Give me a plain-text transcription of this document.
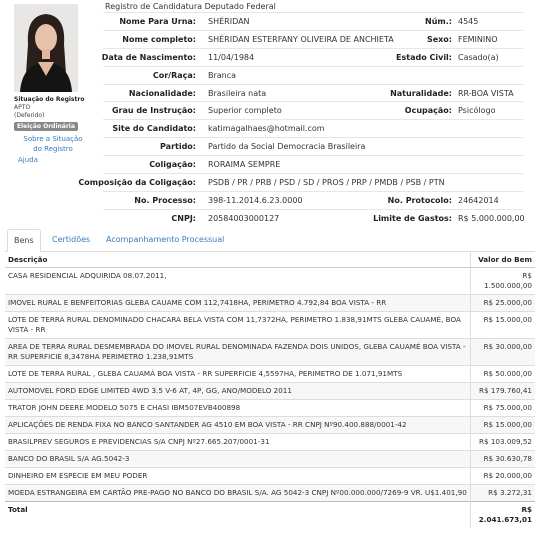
Situação do Registro
APTO
(Deferido)
Eleição Ordinária
Sobre a Situação do Registro
Ajuda
Registro de Candidatura Deputado Federal
Nome Para Urna: SHÉRIDAN	Núm.: 4545
Nome completo: SHÉRIDAN ESTERFANY OLIVEIRA DE ANCHIETA	Sexo: FEMININO
Data de Nascimento: 11/04/1984	Estado Civil: Casado(a)
Cor/Raça: Branca
Nacionalidade: Brasileira nata	Naturalidade: RR-BOA VISTA
Grau de Instrução: Superior completo	Ocupação: Psicólogo
Site do Candidato: katimagalhaes@hotmail.com
Partido: Partido da Social Democracia Brasileira
Coligação: RORAIMA SEMPRE
Composição da Coligação: PSDB / PR / PRB / PSD / SD / PROS / PRP / PMDB / PSB / PTN
No. Processo: 398-11.2014.6.23.0000	No. Protocolo: 24642014
CNPJ: 20584003000127	Limite de Gastos: R$ 5.000.000,00
Bens	Certidões	Acompanhamento Processual
Descrição	Valor do Bem
CASA RESIDENCIAL ADQUIRIDA 08.07.2011,	R$ 1.500.000,00
IMOVEL RURAL E BENFEITORIAS GLEBA CAUAME COM 112,7418HA, PERIMETRO 4.792,84 BOA VISTA - RR	R$ 25.000,00
LOTE DE TERRA RURAL DENOMINADO CHACARA BELA VISTA COM 11,7372HA, PERIMETRO 1.838,91MTS GLEBA CAUAMÉ, BOA VISTA - RR	R$ 15.000,00
AREA DE TERRA RURAL DESMEMBRADA DO IMOVEL RURAL DENOMINADA FAZENDA DOIS UNIDOS, GLEBA CAUAMÉ BOA VISTA - RR SUPERFICIE 8,3478HA PERIMETRO 1.238,91MTS	R$ 30.000,00
LOTE DE TERRA RURAL , GLEBA CAUAMÁ BOA VISTA - RR SUPERFICIE 4,5597HA, PERIMETRO DE 1.071,91MTS	R$ 50.000,00
AUTOMOVEL FORD EDGE LIMITED 4WD 3.5 V-6 AT, 4P, GG, ANO/MODELO 2011	R$ 179.760,41
TRATOR JOHN DEERE MODELO 5075 E CHASI IBM507EVB400898	R$ 75.000,00
APLICAÇÕES DE RENDA FIXA NO BANCO SANTANDER AG 4510 EM BOA VISTA - RR CNPJ Nº90.400.888/0001-42	R$ 15.000,00
BRASILPREV SEGUROS E PREVIDENCIAS S/A CNPJ Nº27.665.207/0001-31	R$ 103.009,52
BANCO DO BRASIL S/A AG.5042-3	R$ 30.630,78
DINHEIRO EM ESPECIE EM MEU PODER	R$ 20.000,00
MOEDA ESTRANGEIRA EM CARTÃO PRE-PAGO NO BANCO DO BRASIL S/A. AG 5042-3 CNPJ Nº00.000.000/7269-9 VR. U$1.401,90	R$ 3.272,31
Total	R$ 2.041.673,01
